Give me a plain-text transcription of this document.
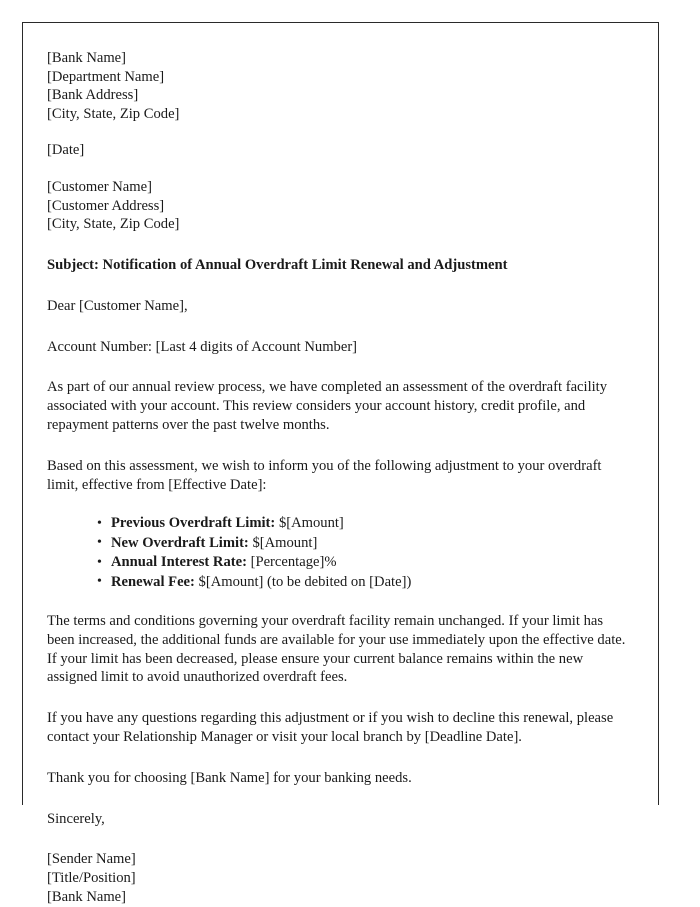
[Bank Name]
[Department Name]
[Bank Address]
[City, State, Zip Code]
[Date]
[Customer Name]
[Customer Address]
[City, State, Zip Code]
Subject: Notification of Annual Overdraft Limit Renewal and Adjustment

Dear [Customer Name],

Account Number: [Last 4 digits of Account Number]

As part of our annual review process, we have completed an assessment of the overdraft facility associated with your account. This review considers your account history, credit profile, and repayment patterns over the past twelve months.

Based on this assessment, we wish to inform you of the following adjustment to your overdraft limit, effective from [Effective Date]:

• Previous Overdraft Limit: $[Amount]
• New Overdraft Limit: $[Amount]
• Annual Interest Rate: [Percentage]%
• Renewal Fee: $[Amount] (to be debited on [Date])

The terms and conditions governing your overdraft facility remain unchanged. If your limit has been increased, the additional funds are available for your use immediately upon the effective date. If your limit has been decreased, please ensure your current balance remains within the new assigned limit to avoid unauthorized overdraft fees.

If you have any questions regarding this adjustment or if you wish to decline this renewal, please contact your Relationship Manager or visit your local branch by [Deadline Date].

Thank you for choosing [Bank Name] for your banking needs.

Sincerely,

[Sender Name]
[Title/Position]
[Bank Name]
